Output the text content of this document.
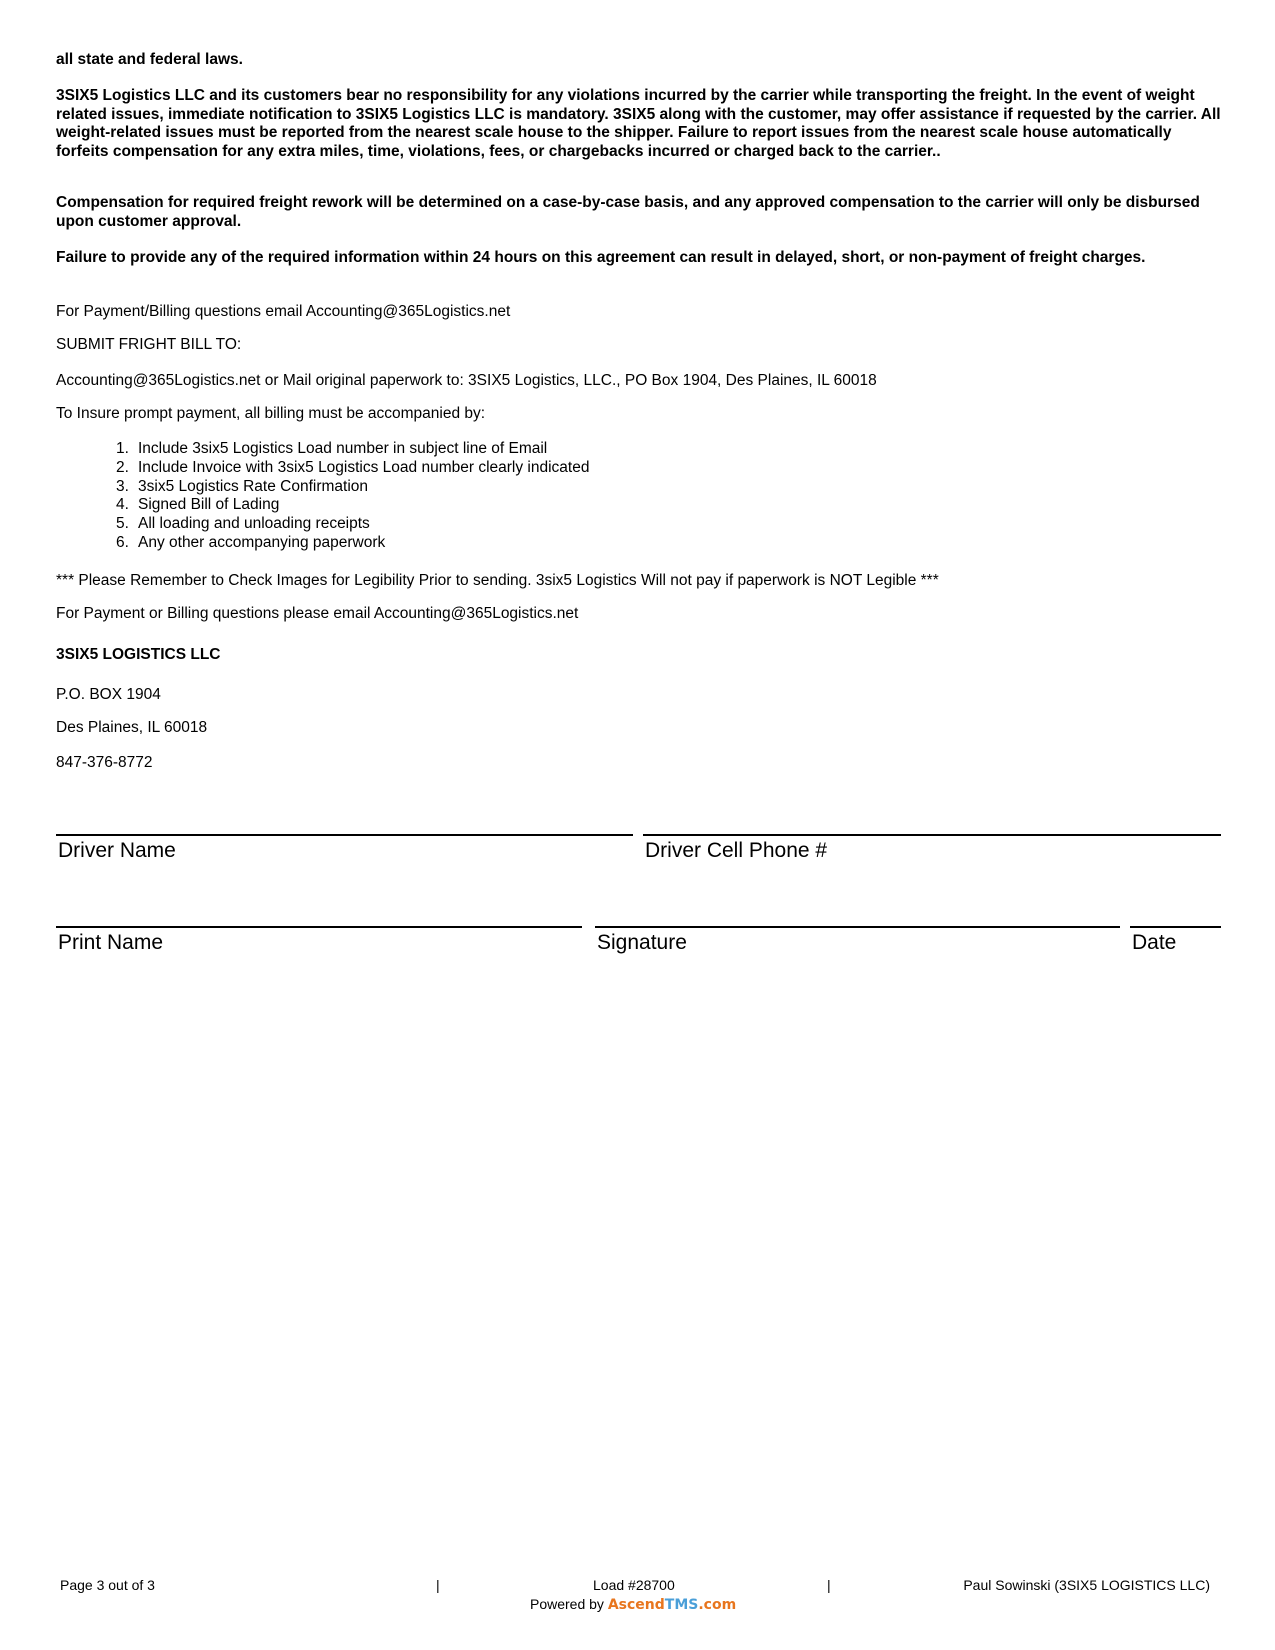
all state and federal laws.

3SIX5 Logistics LLC and its customers bear no responsibility for any violations incurred by the carrier while transporting the freight. In the event of weight related issues, immediate notification to 3SIX5 Logistics LLC is mandatory. 3SIX5 along with the customer, may offer assistance if requested by the carrier. All weight-related issues must be reported from the nearest scale house to the shipper. Failure to report issues from the nearest scale house automatically forfeits compensation for any extra miles, time, violations, fees, or chargebacks incurred or charged back to the carrier..

Compensation for required freight rework will be determined on a case-by-case basis, and any approved compensation to the carrier will only be disbursed upon customer approval.

Failure to provide any of the required information within 24 hours on this agreement can result in delayed, short, or non-payment of freight charges.

For Payment/Billing questions email Accounting@365Logistics.net

SUBMIT FRIGHT BILL TO:

Accounting@365Logistics.net or Mail original paperwork to: 3SIX5 Logistics, LLC., PO Box 1904, Des Plaines, IL 60018

To Insure prompt payment, all billing must be accompanied by:

1. Include 3six5 Logistics Load number in subject line of Email
2. Include Invoice with 3six5 Logistics Load number clearly indicated
3. 3six5 Logistics Rate Confirmation
4. Signed Bill of Lading
5. All loading and unloading receipts
6. Any other accompanying paperwork

*** Please Remember to Check Images for Legibility Prior to sending. 3six5 Logistics Will not pay if paperwork is NOT Legible ***

For Payment or Billing questions please email Accounting@365Logistics.net

3SIX5 LOGISTICS LLC

P.O. BOX 1904

Des Plaines, IL 60018

847-376-8772

Driver Name	Driver Cell Phone #
Print Name	Signature	Date
Page 3 out of 3	|	Load #28700	|	Paul Sowinski (3SIX5 LOGISTICS LLC)
Powered by AscendTMS.com
